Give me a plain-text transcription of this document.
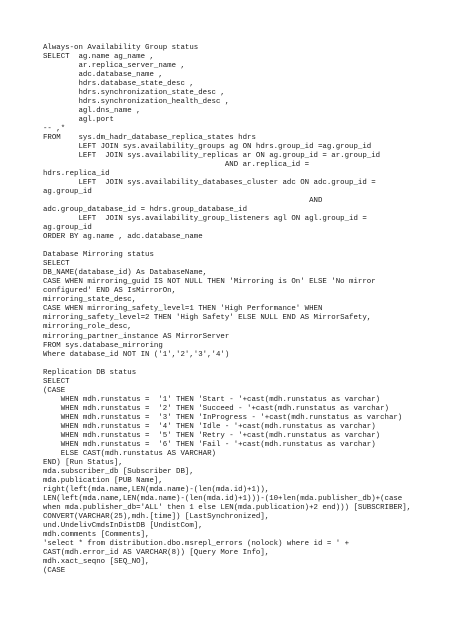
Always-on Availability Group status
SELECT  ag.name ag_name ,
ar.replica_server_name ,
adc.database_name ,
hdrs.database_state_desc ,
hdrs.synchronization_state_desc ,
hdrs.synchronization_health_desc ,
agl.dns_name ,
agl.port
-- ,*
FROM    sys.dm_hadr_database_replica_states hdrs
LEFT JOIN sys.availability_groups ag ON hdrs.group_id =ag.group_id
LEFT  JOIN sys.availability_replicas ar ON ag.group_id = ar.group_id
AND ar.replica_id =
hdrs.replica_id
LEFT  JOIN sys.availability_databases_cluster adc ON adc.group_id =
ag.group_id
AND
adc.group_database_id = hdrs.group_database_id
LEFT  JOIN sys.availability_group_listeners agl ON agl.group_id =
ag.group_id
ORDER BY ag.name , adc.database_name
Database Mirroring status
SELECT
DB_NAME(database_id) As DatabaseName,
CASE WHEN mirroring_guid IS NOT NULL THEN 'Mirroring is On' ELSE 'No mirror
configured' END AS IsMirrorOn,
mirroring_state_desc,
CASE WHEN mirroring_safety_level=1 THEN 'High Performance' WHEN
mirroring_safety_level=2 THEN 'High Safety' ELSE NULL END AS MirrorSafety,
mirroring_role_desc,
mirroring_partner_instance AS MirrorServer
FROM sys.database_mirroring
Where database_id NOT IN ('1','2','3','4')
Replication DB status
SELECT
(CASE
WHEN mdh.runstatus =  '1' THEN 'Start - '+cast(mdh.runstatus as varchar)
WHEN mdh.runstatus =  '2' THEN 'Succeed - '+cast(mdh.runstatus as varchar)
WHEN mdh.runstatus =  '3' THEN 'InProgress - '+cast(mdh.runstatus as varchar)
WHEN mdh.runstatus =  '4' THEN 'Idle - '+cast(mdh.runstatus as varchar)
WHEN mdh.runstatus =  '5' THEN 'Retry - '+cast(mdh.runstatus as varchar)
WHEN mdh.runstatus =  '6' THEN 'Fail - '+cast(mdh.runstatus as varchar)
ELSE CAST(mdh.runstatus AS VARCHAR)
END) [Run Status],
mda.subscriber_db [Subscriber DB],
mda.publication [PUB Name],
right(left(mda.name,LEN(mda.name)-(len(mda.id)+1)),
LEN(left(mda.name,LEN(mda.name)-(len(mda.id)+1)))-(10+len(mda.publisher_db)+(case
when mda.publisher_db='ALL' then 1 else LEN(mda.publication)+2 end))) [SUBSCRIBER],
CONVERT(VARCHAR(25),mdh.[time]) [LastSynchronized],
und.UndelivCmdsInDistDB [UndistCom],
mdh.comments [Comments],
'select * from distribution.dbo.msrepl_errors (nolock) where id = ' +
CAST(mdh.error_id AS VARCHAR(8)) [Query More Info],
mdh.xact_seqno [SEQ_NO],
(CASE
